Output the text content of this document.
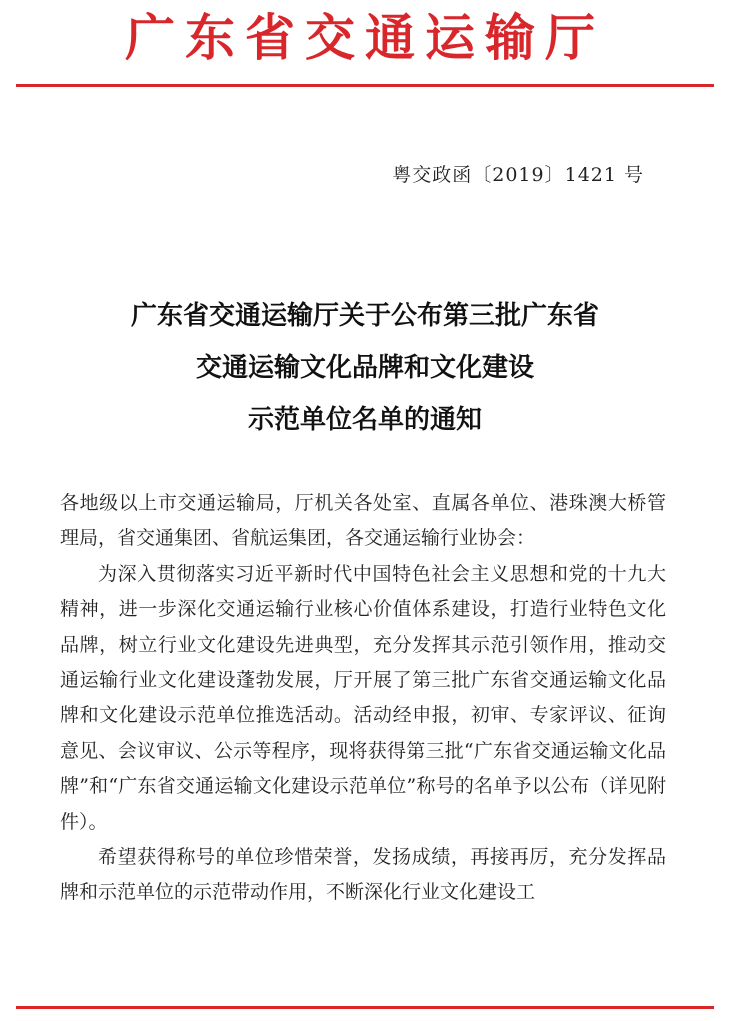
广东省交通运输厅
粤交政函〔2019〕1421 号
广东省交通运输厅关于公布第三批广东省
交通运输文化品牌和文化建设
示范单位名单的通知

各地级以上市交通运输局，厅机关各处室、直属各单位、港珠澳大桥管理局，省交通集团、省航运集团，各交通运输行业协会：

为深入贯彻落实习近平新时代中国特色社会主义思想和党的十九大精神，进一步深化交通运输行业核心价值体系建设，打造行业特色文化品牌，树立行业文化建设先进典型，充分发挥其示范引领作用，推动交通运输行业文化建设蓬勃发展，厅开展了第三批广东省交通运输文化品牌和文化建设示范单位推选活动。活动经申报，初审、专家评议、征询意见、会议审议、公示等程序，现将获得第三批“广东省交通运输文化品牌”和“广东省交通运输文化建设示范单位”称号的名单予以公布（详见附件）。

希望获得称号的单位珍惜荣誉，发扬成绩，再接再厉，充分发挥品牌和示范单位的示范带动作用，不断深化行业文化建设工
